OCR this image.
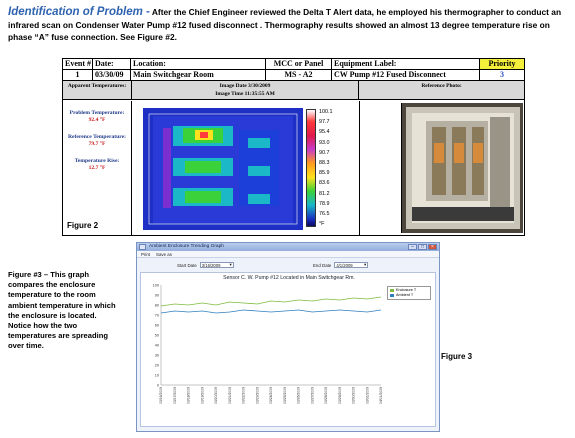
Identification of Problem - After the Chief Engineer reviewed the Delta T Alert data, he employed his thermographer to conduct an infrared scan on Condenser Water Pump #12 fused disconnect . Thermography results showed an almost 13 degree temperature rise on phase “A” fuse connection. See Figure #2.
Event # Date:	Location:	MCC or Panel	Equipment Label:	Priority
1	03/30/09	Main Switchgear Room	MS - A2	CW Pump #12 Fused Disconnect	3
Apparent Temperatures:	Image Date 3/30/2009
Image Time 11:35:55 AM
Reference Photo:
Problem Temperature:
92.4 °F
Reference Temperature:
79.7 °F
Temperature Rise:
12.7 °F
100.1
97.7
95.4
93.0
90.7
88.3
85.9
83.6
81.2
78.9
76.5
°F
Figure 2
Figure #3 – This graph compares the enclosure temperature to the room ambient temperature in which the enclosure is located. Notice how the two temperatures are spreading over time.
Figure 3
Ambient Enclosure Trending Graph	–	□	×
Print Save as
Start Date	3/16/2009 ▾	End Date	4/1/2009 ▾
Sensor C. W. Pump #12 Located in Main Switchgear Rm.
0
10
20
30
40
50
60
70
80
90
100
03/16/2009	03/17/2009	03/18/2009	03/19/2009	03/20/2009	03/21/2009	03/22/2009	03/23/2009	03/24/2009	03/25/2009	03/26/2009	03/27/2009	03/28/2009	03/29/2009	03/30/2009	03/31/2009	04/01/2009
Enclosure T
Ambient T
